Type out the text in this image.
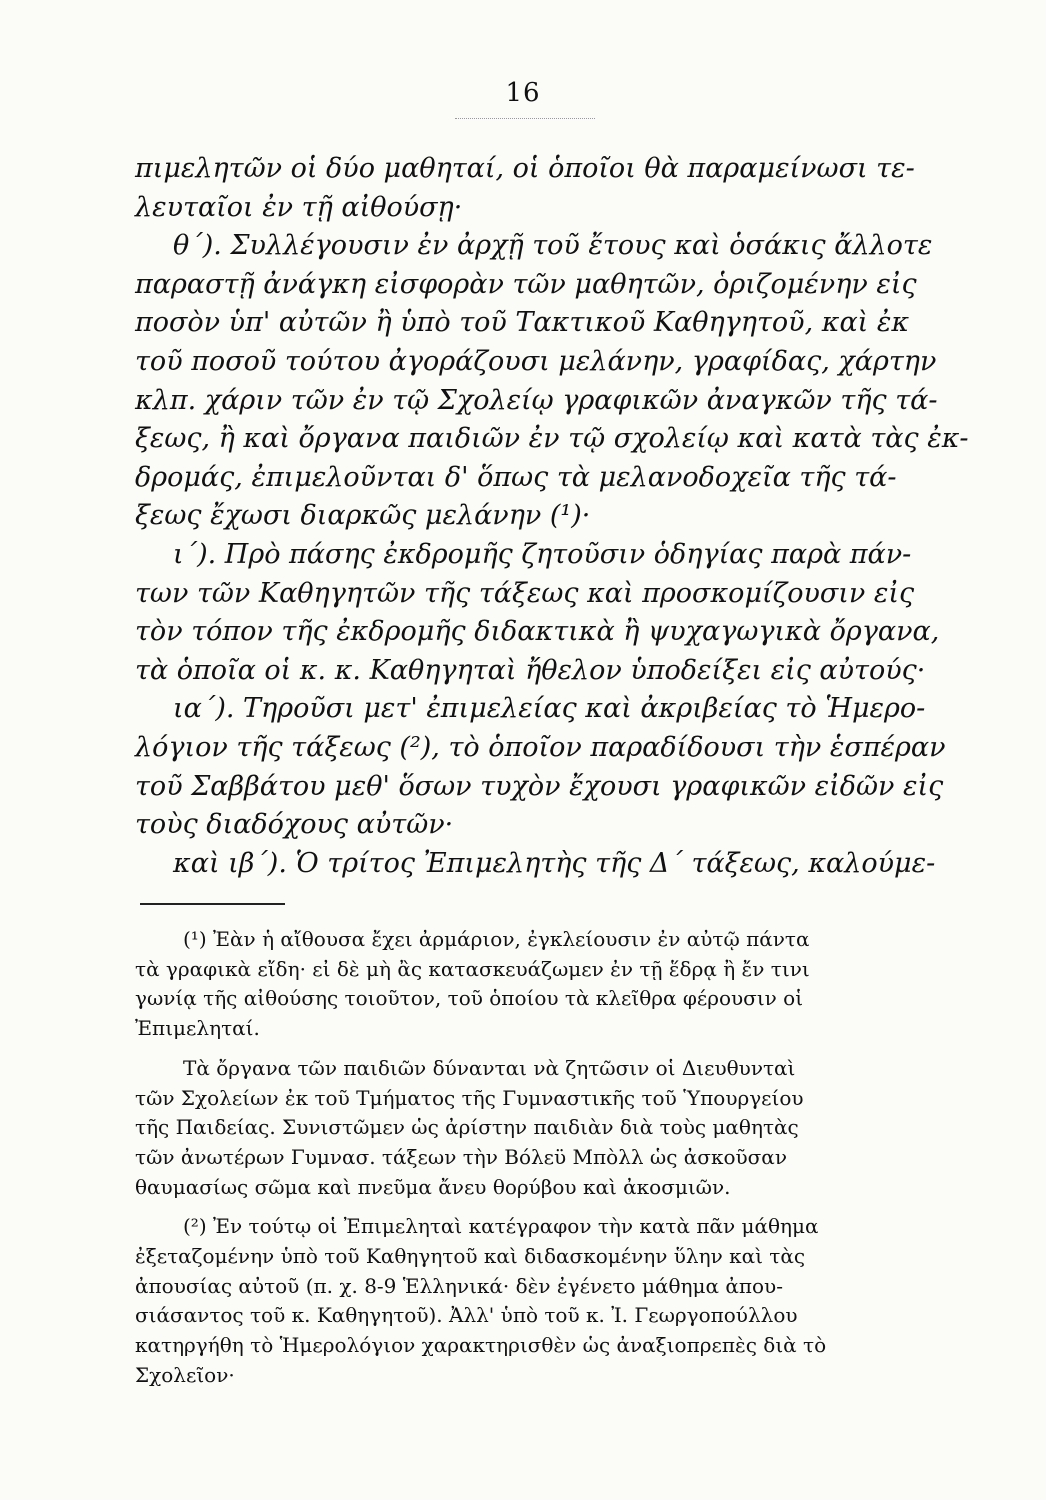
16
πιμελητῶν οἱ δύο μαθηταί, οἱ ὁποῖοι θὰ παραμείνωσι τε-
λευταῖοι ἐν τῇ αἰθούσῃ·
θ΄). Συλλέγουσιν ἐν ἀρχῇ τοῦ ἔτους καὶ ὁσάκις ἄλλοτε
παραστῇ ἀνάγκη εἰσφορὰν τῶν μαθητῶν, ὁριζομένην εἰς
ποσὸν ὑπ' αὐτῶν ἢ ὑπὸ τοῦ Τακτικοῦ Καθηγητοῦ, καὶ ἐκ
τοῦ ποσοῦ τούτου ἀγοράζουσι μελάνην, γραφίδας, χάρτην
κλπ. χάριν τῶν ἐν τῷ Σχολείῳ γραφικῶν ἀναγκῶν τῆς τά-
ξεως, ἢ καὶ ὄργανα παιδιῶν ἐν τῷ σχολείῳ καὶ κατὰ τὰς ἐκ-
δρομάς, ἐπιμελοῦνται δ' ὅπως τὰ μελανοδοχεῖα τῆς τά-
ξεως ἔχωσι διαρκῶς μελάνην (¹)·
ι΄). Πρὸ πάσης ἐκδρομῆς ζητοῦσιν ὁδηγίας παρὰ πάν-
των τῶν Καθηγητῶν τῆς τάξεως καὶ προσκομίζουσιν εἰς
τὸν τόπον τῆς ἐκδρομῆς διδακτικὰ ἢ ψυχαγωγικὰ ὄργανα,
τὰ ὁποῖα οἱ κ. κ. Καθηγηταὶ ἤθελον ὑποδείξει εἰς αὐτούς·
ια΄). Τηροῦσι μετ' ἐπιμελείας καὶ ἀκριβείας τὸ Ἡμερο-
λόγιον τῆς τάξεως (²), τὸ ὁποῖον παραδίδουσι τὴν ἑσπέραν
τοῦ Σαββάτου μεθ' ὅσων τυχὸν ἔχουσι γραφικῶν εἰδῶν εἰς
τοὺς διαδόχους αὐτῶν·
καὶ ιβ΄). Ὁ τρίτος Ἐπιμελητὴς τῆς Δ΄ τάξεως, καλούμε-
(¹) Ἐὰν ἡ αἴθουσα ἔχει ἀρμάριον, ἐγκλείουσιν ἐν αὐτῷ πάντα
τὰ γραφικὰ εἴδη· εἰ δὲ μὴ ἂς κατασκευάζωμεν ἐν τῇ ἕδρᾳ ἢ ἔν τινι
γωνίᾳ τῆς αἰθούσης τοιοῦτον, τοῦ ὁποίου τὰ κλεῖθρα φέρουσιν οἱ
Ἐπιμεληταί.
Τὰ ὄργανα τῶν παιδιῶν δύνανται νὰ ζητῶσιν οἱ Διευθυνταὶ
τῶν Σχολείων ἐκ τοῦ Τμήματος τῆς Γυμναστικῆς τοῦ Ὑπουργείου
τῆς Παιδείας. Συνιστῶμεν ὡς ἀρίστην παιδιὰν διὰ τοὺς μαθητὰς
τῶν ἀνωτέρων Γυμνασ. τάξεων τὴν Βόλεϋ Μπὸλλ ὡς ἀσκοῦσαν
θαυμασίως σῶμα καὶ πνεῦμα ἄνευ θορύβου καὶ ἀκοσμιῶν.
(²) Ἐν τούτῳ οἱ Ἐπιμεληταὶ κατέγραφον τὴν κατὰ πᾶν μάθημα
ἐξεταζομένην ὑπὸ τοῦ Καθηγητοῦ καὶ διδασκομένην ὕλην καὶ τὰς
ἀπουσίας αὐτοῦ (π. χ. 8-9 Ἑλληνικά· δὲν ἐγένετο μάθημα ἀπου-
σιάσαντος τοῦ κ. Καθηγητοῦ). Ἀλλ' ὑπὸ τοῦ κ. Ἰ. Γεωργοπούλλου
κατηργήθη τὸ Ἡμερολόγιον χαρακτηρισθὲν ὡς ἀναξιοπρεπὲς διὰ τὸ
Σχολεῖον·
